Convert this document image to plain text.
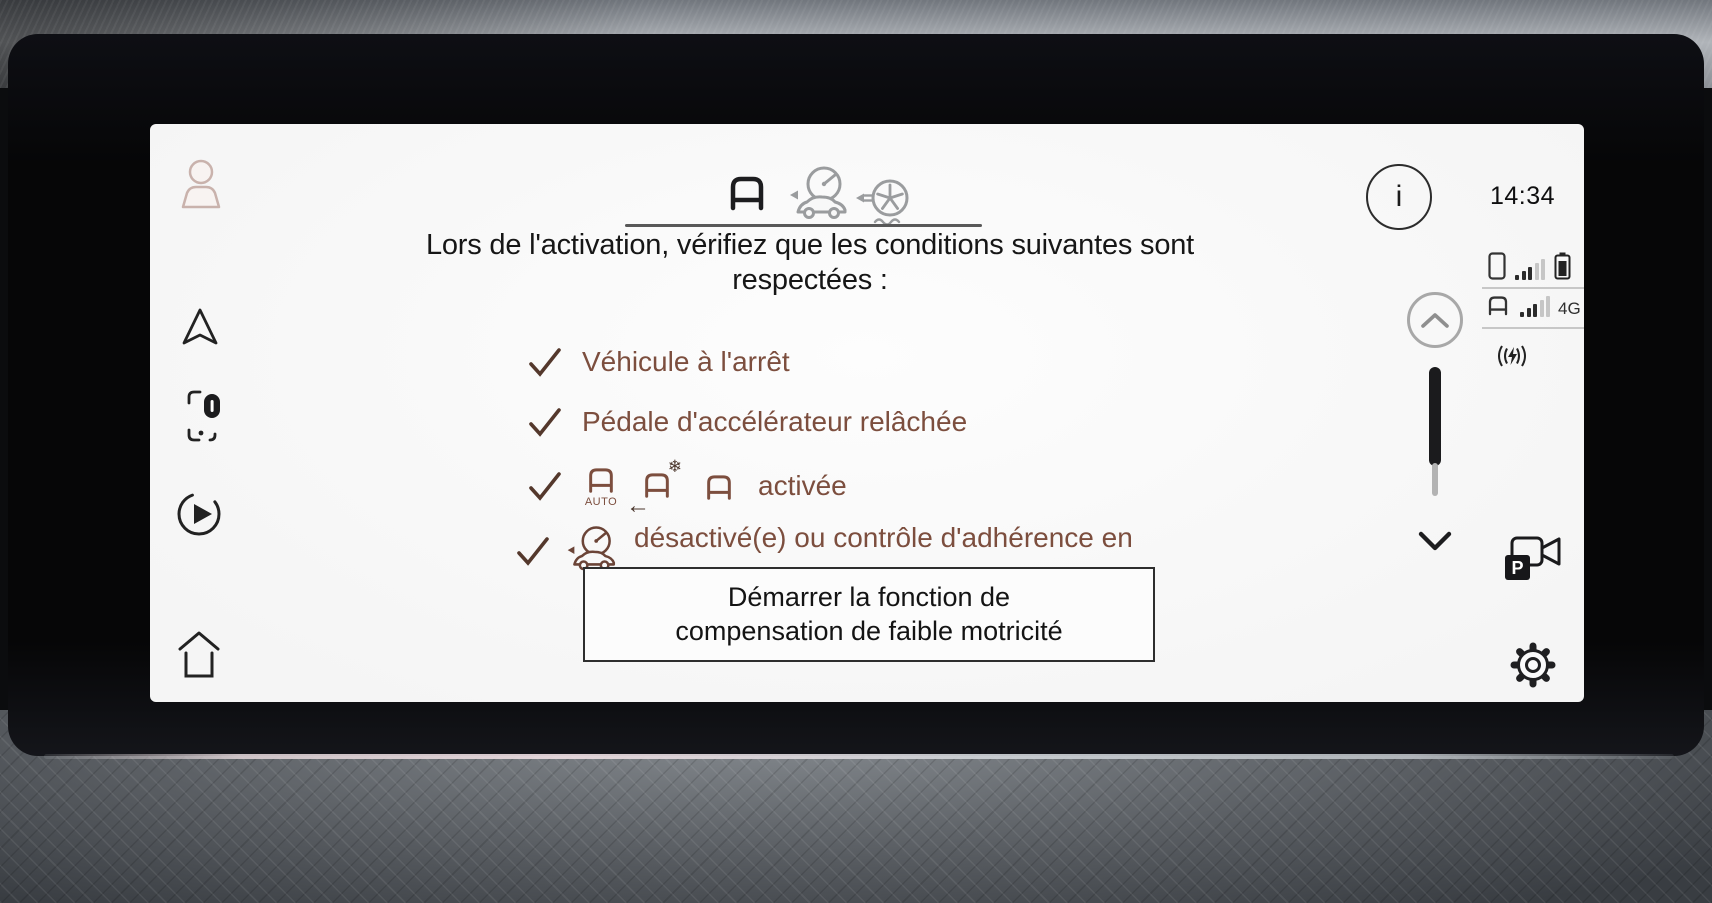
Lors de l'activation, vérifiez que les conditions suivantes sont
respectées :
Véhicule à l'arrêt
Pédale d'accélérateur relâchée
AUTO
❄
←
activée
désactivé(e) ou contrôle d'adhérence en
Démarrer la fonction de
compensation de faible motricité
i	14:34
4G
P
